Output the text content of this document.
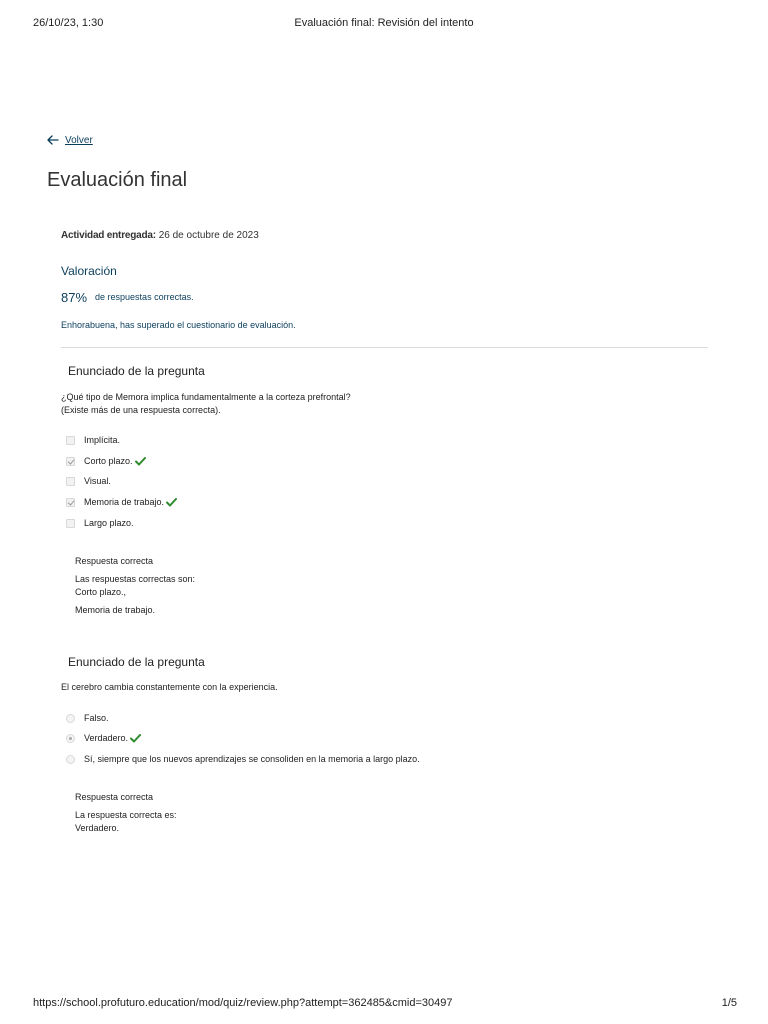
26/10/23, 1:30	Evaluación final: Revisión del intento
Volver
Evaluación final
Actividad entregada: 26 de octubre de 2023
Valoración
87% de respuestas correctas.
Enhorabuena, has superado el cuestionario de evaluación.
Enunciado de la pregunta
¿Qué tipo de Memora implica fundamentalmente a la corteza prefrontal?
(Existe más de una respuesta correcta).
Implícita.
Corto plazo.
Visual.
Memoria de trabajo.
Largo plazo.
Respuesta correcta
Las respuestas correctas son:
Corto plazo.,
Memoria de trabajo.
Enunciado de la pregunta
El cerebro cambia constantemente con la experiencia.
Falso.
Verdadero.
Sí, siempre que los nuevos aprendizajes se consoliden en la memoria a largo plazo.
Respuesta correcta
La respuesta correcta es:
Verdadero.
https://school.profuturo.education/mod/quiz/review.php?attempt=362485&cmid=30497	1/5
